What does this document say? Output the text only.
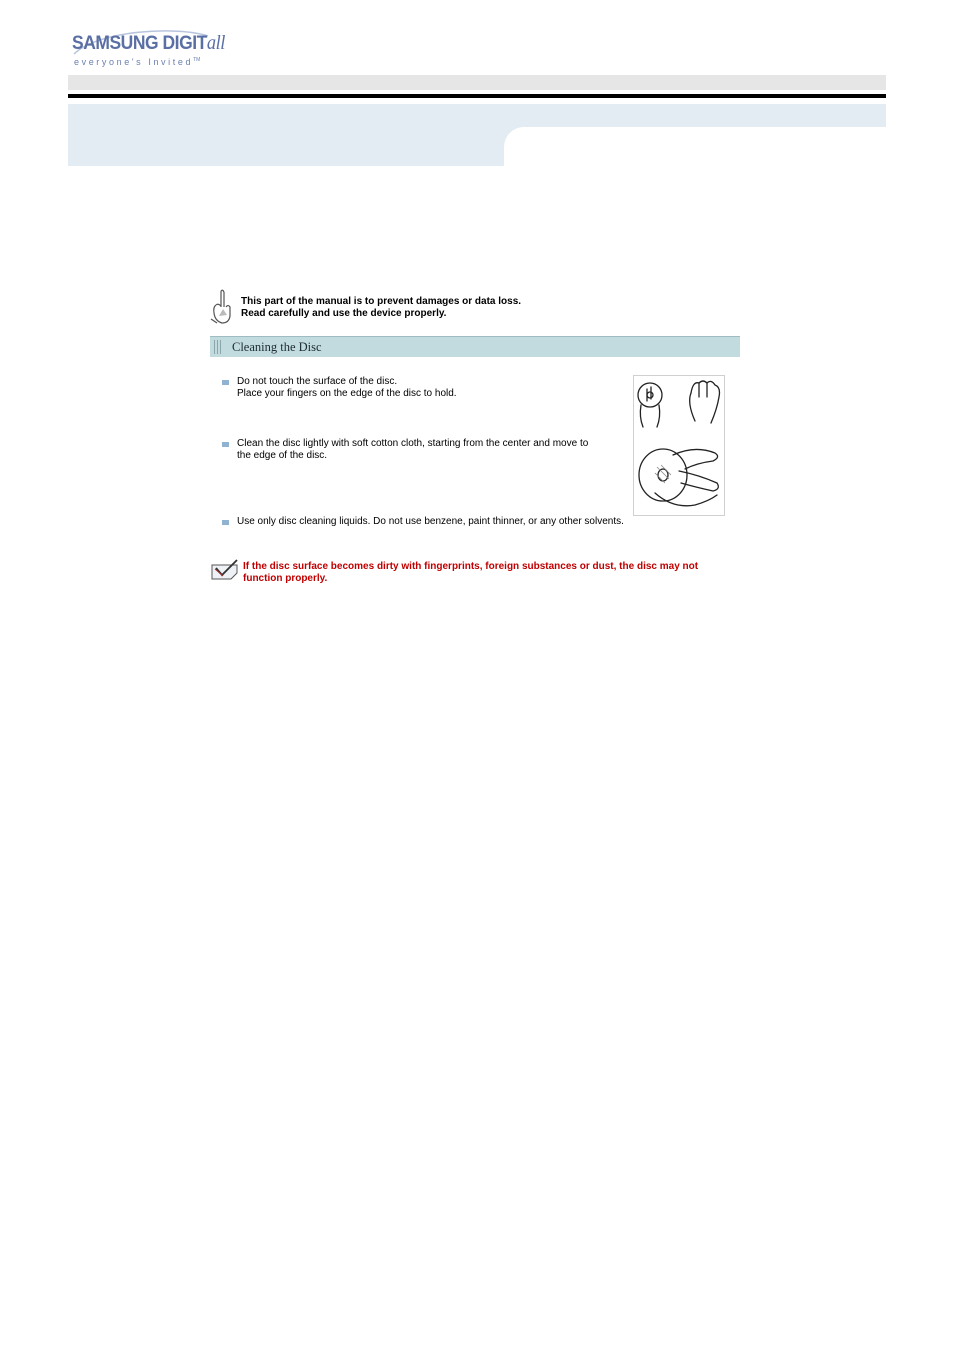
SAMSUNG DIGITall
everyone's Invited™
This part of the manual is to prevent damages or data loss.
Read carefully and use the device properly.
Cleaning the Disc
Do not touch the surface of the disc.
Place your fingers on the edge of the disc to hold.
Clean the disc lightly with soft cotton cloth, starting from the center and move to
the edge of the disc.
Use only disc cleaning liquids. Do not use benzene, paint thinner, or any other solvents.
If the disc surface becomes dirty with fingerprints, foreign substances or dust, the disc may not
function properly.
